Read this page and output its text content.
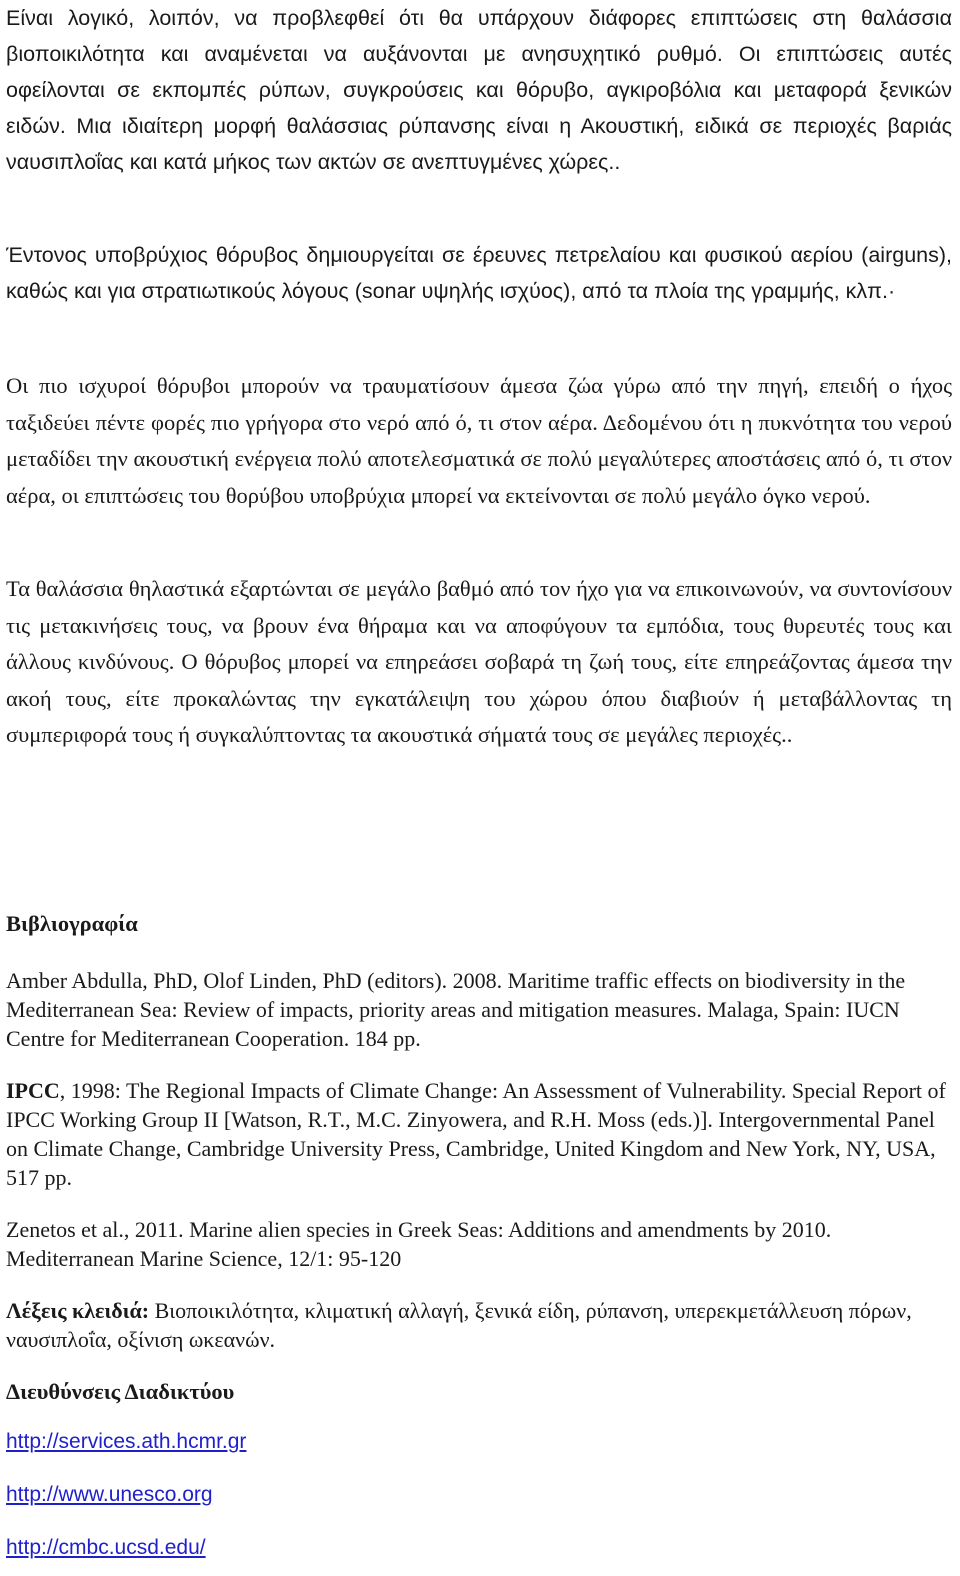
Είναι λογικό, λοιπόν, να προβλεφθεί ότι θα υπάρχουν διάφορες επιπτώσεις στη θαλάσσια βιοποικιλότητα και αναμένεται να αυξάνονται με ανησυχητικό ρυθμό. Οι επιπτώσεις αυτές οφείλονται σε εκπομπές ρύπων, συγκρούσεις και θόρυβο, αγκιροβόλια και μεταφορά ξενικών ειδών. Μια ιδιαίτερη μορφή θαλάσσιας ρύπανσης είναι η Ακουστική, ειδικά σε περιοχές βαριάς ναυσιπλοΐας και κατά μήκος των ακτών σε ανεπτυγμένες χώρες..

Έντονος υποβρύχιος θόρυβος δημιουργείται σε έρευνες πετρελαίου και φυσικού αερίου (airguns), καθώς και για στρατιωτικούς λόγους (sonar υψηλής ισχύος), από τα πλοία της γραμμής, κλπ.·

Οι πιο ισχυροί θόρυβοι μπορούν να τραυματίσουν άμεσα ζώα γύρω από την πηγή, επειδή ο ήχος ταξιδεύει πέντε φορές πιο γρήγορα στο νερό από ό, τι στον αέρα. Δεδομένου ότι η πυκνότητα του νερού μεταδίδει την ακουστική ενέργεια πολύ αποτελεσματικά σε πολύ μεγαλύτερες αποστάσεις από ό, τι στον αέρα, οι επιπτώσεις του θορύβου υποβρύχια μπορεί να εκτείνονται σε πολύ μεγάλο όγκο νερού.

Τα θαλάσσια θηλαστικά εξαρτώνται σε μεγάλο βαθμό από τον ήχο για να επικοινωνούν, να συντονίσουν τις μετακινήσεις τους, να βρουν ένα θήραμα και να αποφύγουν τα εμπόδια, τους θυρευτές τους και άλλους κινδύνους. Ο θόρυβος μπορεί να επηρεάσει σοβαρά τη ζωή τους, είτε επηρεάζοντας άμεσα την ακοή τους, είτε προκαλώντας την εγκατάλειψη του χώρου όπου διαβιούν ή μεταβάλλοντας τη συμπεριφορά τους ή συγκαλύπτοντας τα ακουστικά σήματά τους σε μεγάλες περιοχές..

Βιβλιογραφία

Amber Abdulla, PhD, Olof Linden, PhD (editors). 2008. Maritime traffic effects on biodiversity in the Mediterranean Sea: Review of impacts, priority areas and mitigation measures. Malaga, Spain: IUCN Centre for Mediterranean Cooperation. 184 pp.

IPCC, 1998: The Regional Impacts of Climate Change: An Assessment of Vulnerability. Special Report of IPCC Working Group II [Watson, R.T., M.C. Zinyowera, and R.H. Moss (eds.)]. Intergovernmental Panel on Climate Change, Cambridge University Press, Cambridge, United Kingdom and New York, NY, USA, 517 pp.

Zenetos et al., 2011. Marine alien species in Greek Seas: Additions and amendments by 2010. Mediterranean Marine Science, 12/1: 95-120

Λέξεις κλειδιά: Βιοποικιλότητα, κλιματική αλλαγή, ξενικά είδη, ρύπανση, υπερεκμετάλλευση πόρων, ναυσιπλοΐα, οξίνιση ωκεανών.

Διευθύνσεις Διαδικτύου
http://services.ath.hcmr.gr
http://www.unesco.org
http://cmbc.ucsd.edu/
